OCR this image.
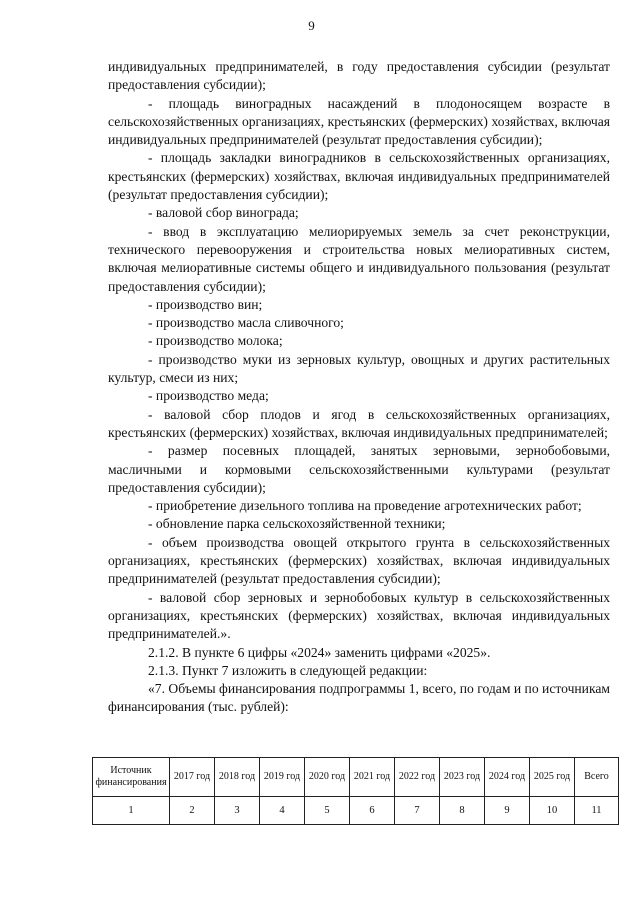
9

индивидуальных предпринимателей, в году предоставления субсидии (результат предоставления субсидии);

- площадь виноградных насаждений в плодоносящем возрасте в сельскохозяйственных организациях, крестьянских (фермерских) хозяйствах, включая индивидуальных предпринимателей (результат предоставления субсидии);

- площадь закладки виноградников в сельскохозяйственных организациях, крестьянских (фермерских) хозяйствах, включая индивидуальных предпринимателей (результат предоставления субсидии);

- валовой сбор винограда;

- ввод в эксплуатацию мелиорируемых земель за счет реконструкции, технического перевооружения и строительства новых мелиоративных систем, включая мелиоративные системы общего и индивидуального пользования (результат предоставления субсидии);

- производство вин;

- производство масла сливочного;

- производство молока;

- производство муки из зерновых культур, овощных и других растительных культур, смеси из них;

- производство меда;

- валовой сбор плодов и ягод в сельскохозяйственных организациях, крестьянских (фермерских) хозяйствах, включая индивидуальных предпринимателей;

- размер посевных площадей, занятых зерновыми, зернобобовыми, масличными и кормовыми сельскохозяйственными культурами (результат предоставления субсидии);

- приобретение дизельного топлива на проведение агротехнических работ;

- обновление парка сельскохозяйственной техники;

- объем производства овощей открытого грунта в сельскохозяйственных организациях, крестьянских (фермерских) хозяйствах, включая индивидуальных предпринимателей (результат предоставления субсидии);

- валовой сбор зерновых и зернобобовых культур в сельскохозяйственных организациях, крестьянских (фермерских) хозяйствах, включая индивидуальных предпринимателей.».

2.1.2. В пункте 6 цифры «2024» заменить цифрами «2025».

2.1.3. Пункт 7 изложить в следующей редакции:

«7. Объемы финансирования подпрограммы 1, всего, по годам и по источникам финансирования (тыс. рублей):

Источник финансирования	2017 год	2018 год	2019 год	2020 год	2021 год	2022 год	2023 год	2024 год	2025 год	Всего
1	2	3	4	5	6	7	8	9	10	11
